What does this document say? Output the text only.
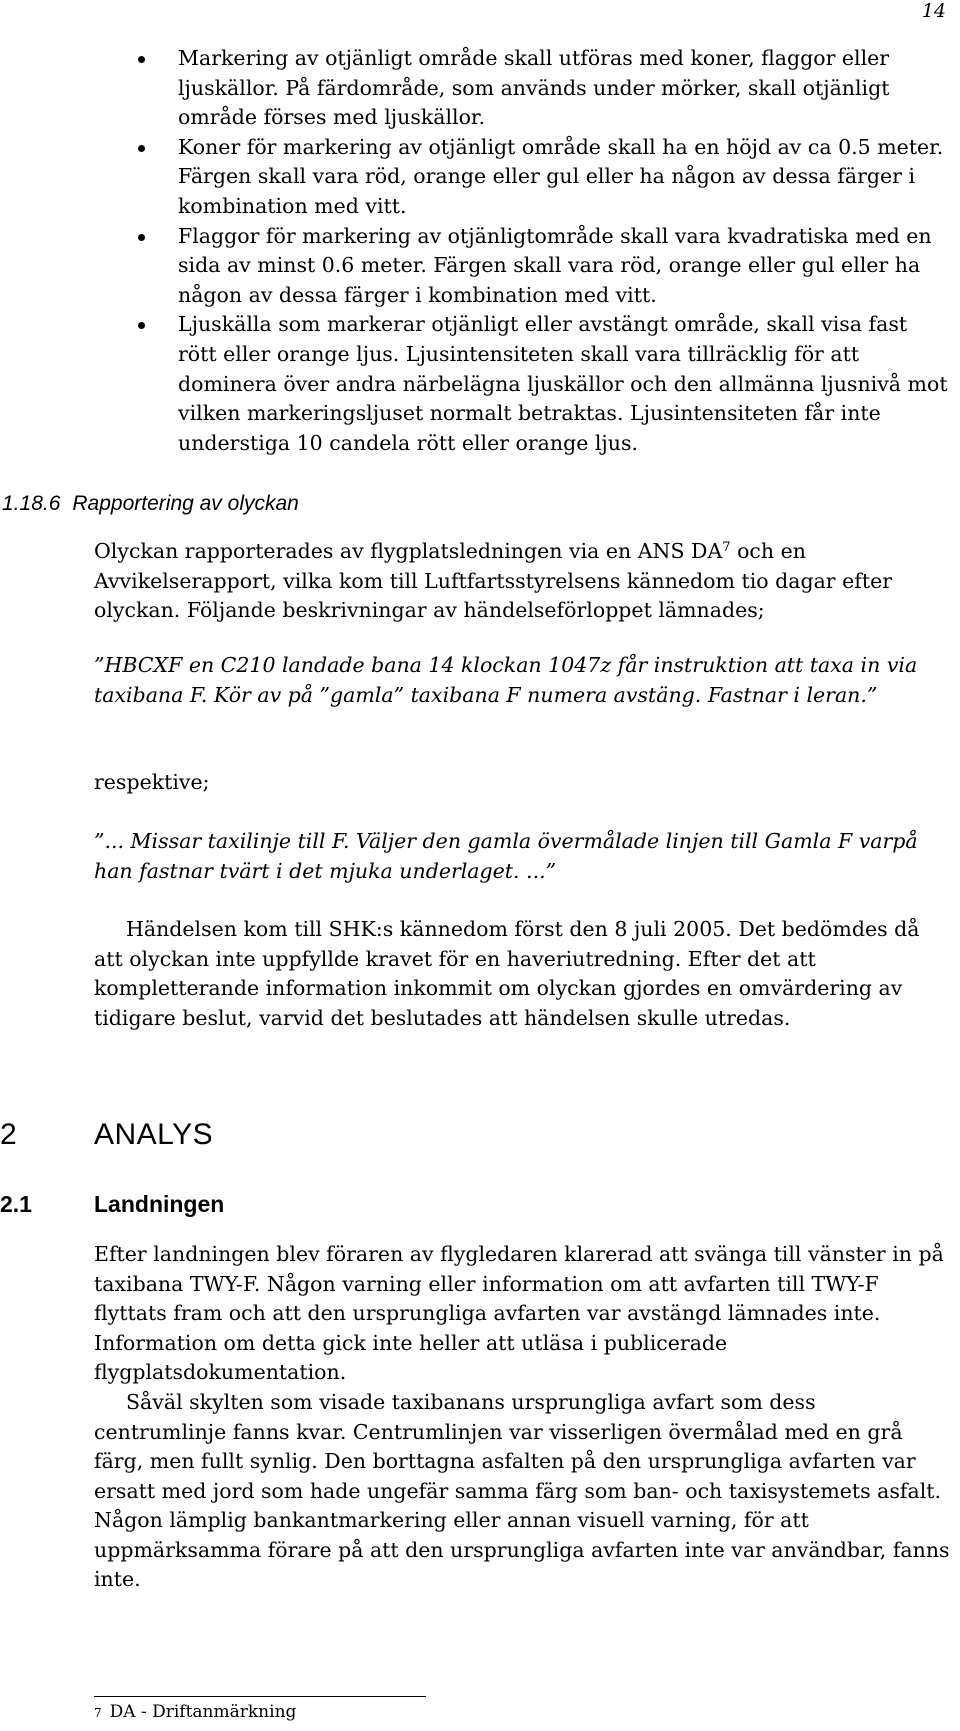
14
Markering av otjänligt område skall utföras med koner, flaggor eller ljuskällor. På färdområde, som används under mörker, skall otjänligt område förses med ljuskällor.
Koner för markering av otjänligt område skall ha en höjd av ca 0.5 meter. Färgen skall vara röd, orange eller gul eller ha någon av dessa färger i kombination med vitt.
Flaggor för markering av otjänligtområde skall vara kvadratiska med en sida av minst 0.6 meter. Färgen skall vara röd, orange eller gul eller ha någon av dessa färger i kombination med vitt.
Ljuskälla som markerar otjänligt eller avstängt område, skall visa fast rött eller orange ljus. Ljusintensiteten skall vara tillräcklig för att dominera över andra närbelägna ljuskällor och den allmänna ljusnivå mot vilken markeringsljuset normalt betraktas. Ljusintensiteten får inte understiga 10 candela rött eller orange ljus.
1.18.6 Rapportering av olyckan
Olyckan rapporterades av flygplatsledningen via en ANS $DA^7$ och en Avvikelserapport, vilka kom till Luftfartsstyrelsens kännedom tio dagar efter olyckan. Följande beskrivningar av händelseförloppet lämnades;
”HBCXF en C210 landade bana 14 klockan 1047z får instruktion att taxa in via taxibana F. Kör av på ”gamla” taxibana F numera avstäng. Fastnar i leran.”
respektive;
”... Missar taxilinje till F. Väljer den gamla övermålade linjen till Gamla F varpå han fastnar tvärt i det mjuka underlaget. ...”
Händelsen kom till SHK:s kännedom först den 8 juli 2005. Det bedömdes då att olyckan inte uppfyllde kravet för en haveriutredning. Efter det att kompletterande information inkommit om olyckan gjordes en omvärdering av tidigare beslut, varvid det beslutades att händelsen skulle utredas.
2	ANALYS
2.1	Landningen
Efter landningen blev föraren av flygledaren klarerad att svänga till vänster in på taxibana TWY-F. Någon varning eller information om att avfarten till TWY-F flyttats fram och att den ursprungliga avfarten var avstängd lämnades inte. Information om detta gick inte heller att utläsa i publicerade flygplatsdokumentation.
Såväl skylten som visade taxibanans ursprungliga avfart som dess centrumlinje fanns kvar. Centrumlinjen var visserligen övermålad med en grå färg, men fullt synlig. Den borttagna asfalten på den ursprungliga avfarten var ersatt med jord som hade ungefär samma färg som ban- och taxisystemets asfalt. Någon lämplig bankantmarkering eller annan visuell varning, för att uppmärksamma förare på att den ursprungliga avfarten inte var användbar, fanns inte.
7 DA - Driftanmärkning
